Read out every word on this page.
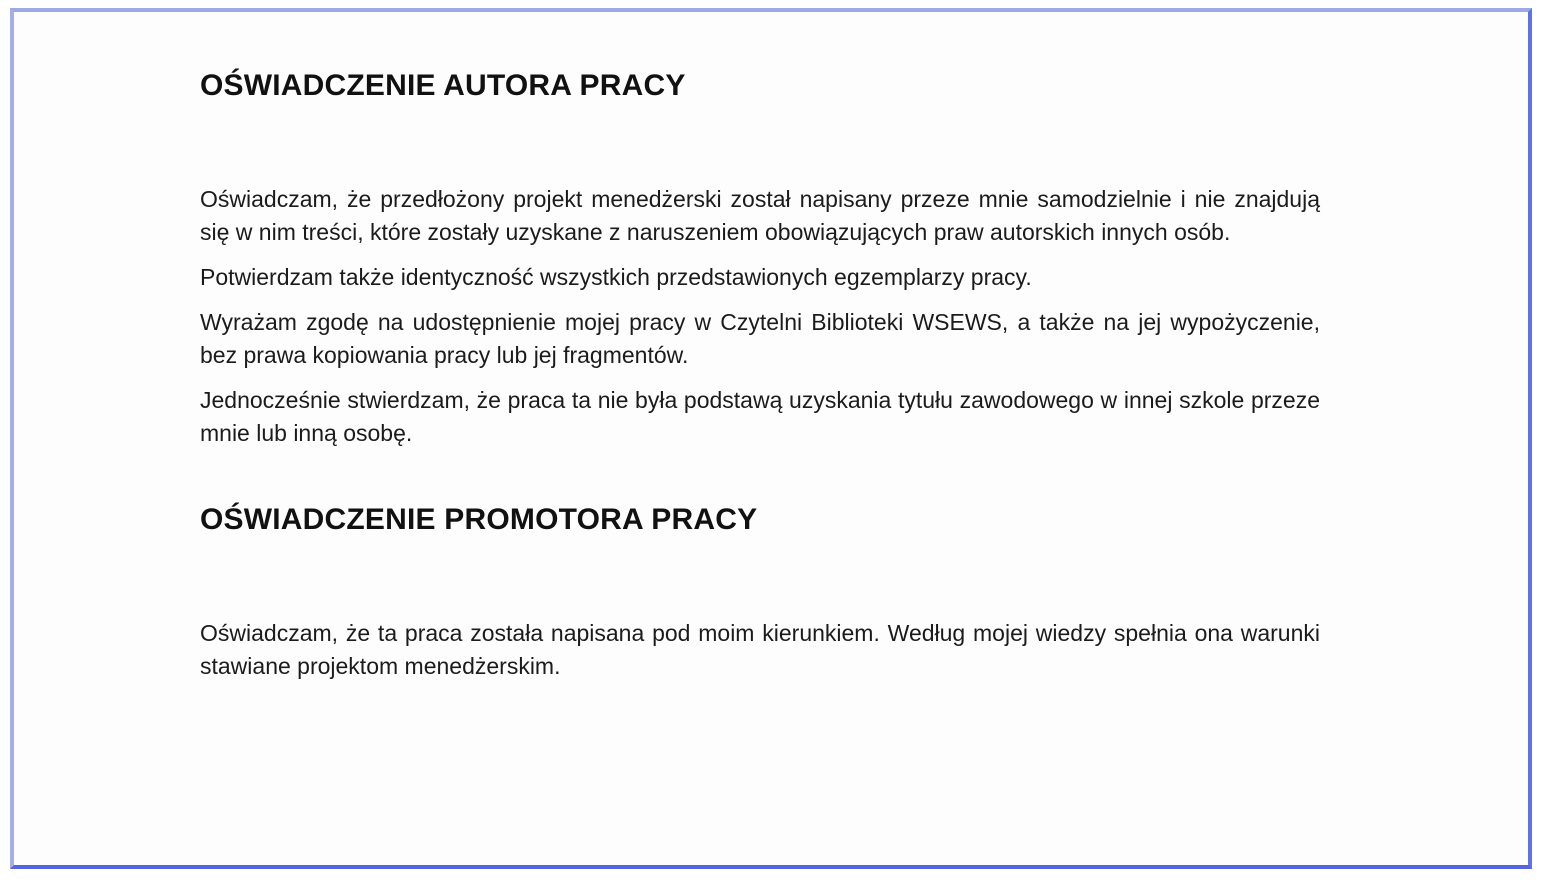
OŚWIADCZENIE AUTORA PRACY

Oświadczam, że przedłożony projekt menedżerski został napisany przeze mnie samodzielnie i nie znajdują się w nim treści, które zostały uzyskane z naruszeniem obowiązujących praw autorskich innych osób.

Potwierdzam także identyczność wszystkich przedstawionych egzemplarzy pracy.

Wyrażam zgodę na udostępnienie mojej pracy w Czytelni Biblioteki WSEWS, a także na jej wypożyczenie, bez prawa kopiowania pracy lub jej fragmentów.

Jednocześnie stwierdzam, że praca ta nie była podstawą uzyskania tytułu zawodowego w innej szkole przeze mnie lub inną osobę.

OŚWIADCZENIE PROMOTORA PRACY

Oświadczam, że ta praca została napisana pod moim kierunkiem. Według mojej wiedzy spełnia ona warunki stawiane projektom menedżerskim.
